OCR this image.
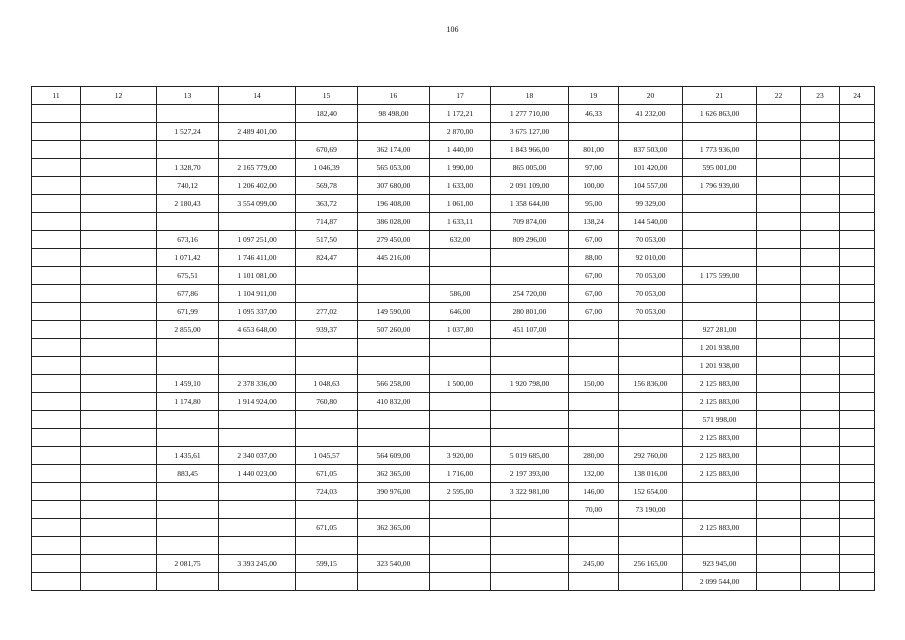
106
11	12	13	14	15	16	17	18	19	20	21	22	23	24
				182,40	98 498,00	1 172,21	1 277 710,00	46,33	41 232,00	1 626 863,00			
		1 527,24	2 489 401,00			2 870,00	3 675 127,00						
				670,69	362 174,00	1 440,00	1 843 966,00	801,00	837 503,00	1 773 936,00			
		1 328,70	2 165 779,00	1 046,39	565 053,00	1 990,00	865 005,00	97,00	101 420,00	595 001,00			
		740,12	1 206 402,00	569,78	307 680,00	1 633,00	2 091 109,00	100,00	104 557,00	1 796 939,00			
		2 180,43	3 554 099,00	363,72	196 408,00	1 061,00	1 358 644,00	95,00	99 329,00				
				714,87	386 028,00	1 633,11	709 874,00	138,24	144 540,00				
		673,16	1 097 251,00	517,50	279 450,00	632,00	809 296,00	67,00	70 053,00				
		1 071,42	1 746 411,00	824,47	445 216,00			88,00	92 010,00				
		675,51	1 101 081,00					67,00	70 053,00	1 175 599,00			
		677,86	1 104 911,00			586,00	254 720,00	67,00	70 053,00				
		671,99	1 095 337,00	277,02	149 590,00	646,00	280 801,00	67,00	70 053,00				
		2 855,00	4 653 648,00	939,37	507 260,00	1 037,80	451 107,00			927 281,00			
										1 201 938,00			
										1 201 938,00			
		1 459,10	2 378 336,00	1 048,63	566 258,00	1 500,00	1 920 798,00	150,00	156 836,00	2 125 883,00			
		1 174,80	1 914 924,00	760,80	410 832,00					2 125 883,00			
										571 998,00			
										2 125 883,00			
		1 435,61	2 340 037,00	1 045,57	564 609,00	3 920,00	5 019 685,00	280,00	292 760,00	2 125 883,00			
		883,45	1 440 023,00	671,05	362 365,00	1 716,00	2 197 393,00	132,00	138 016,00	2 125 883,00			
				724,03	390 976,00	2 595,00	3 322 981,00	146,00	152 654,00				
								70,00	73 190,00				
				671,05	362 365,00					2 125 883,00			

		2 081,75	3 393 245,00	599,15	323 540,00			245,00	256 165,00	923 945,00			
										2 099 544,00			
